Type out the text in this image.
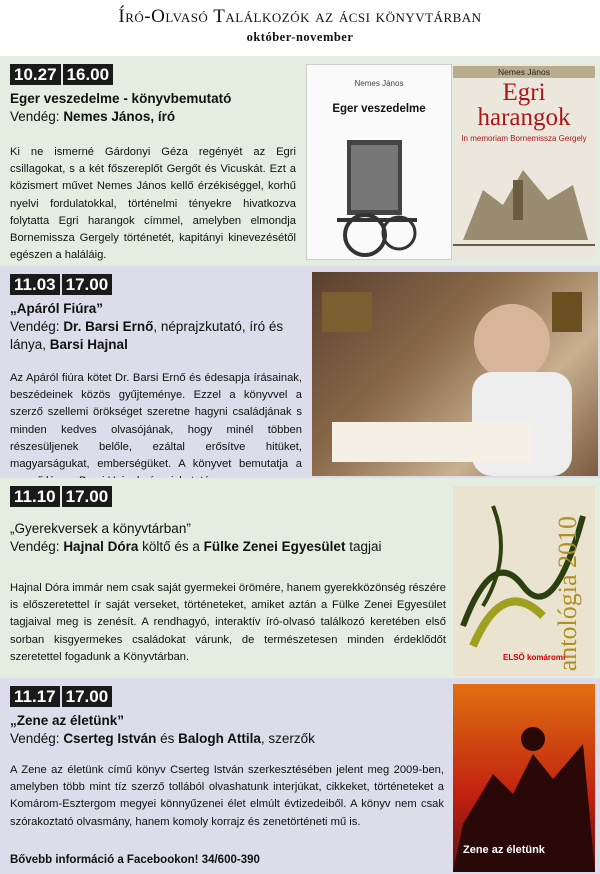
Író-Olvasó Találkozók az ácsi könyvtárban
október-november
10.27 16.00
Eger veszedelme - könyvbemutató
Vendég: Nemes János, író
Ki ne ismerné Gárdonyi Géza regényét az Egri csillagokat, s a két főszereplőt Gergőt és Vicuskát. Ezt a közismert művet Nemes János kellő érzékiséggel, korhű nyelvi fordulatokkal, történelmi tényekre hivatkozva folytatta Egri harangok címmel, amelyben elmondja Bornemissza Gergely történetét, kapitányi kinevezésétől egészen a haláláig.
Nemes János
Eger veszedelme
Nemes János
Egri harangok
In memoriam Bornemissza Gergely
11.03 17.00
„Apáról Fiúra”
Vendég: Dr. Barsi Ernő, néprajzkutató, író és lánya, Barsi Hajnal
Az Apáról fiúra kötet Dr. Barsi Ernő és édesapja írásainak, beszédeinek közös gyűjteménye. Ezzel a könyvvel a szerző szellemi örökséget szeretne hagyni családjának s minden kedves olvasójának, hogy minél többen részesüljenek belőle, ezáltal erősítve hitüket, magyarságukat, emberségüket. A könyvet bemutatja a
11.10 17.00
„Gyerekversek a könyvtárban”
Vendég: Hajnal Dóra költő és a Fülke Zenei Egyesület tagjai
Hajnal Dóra immár nem csak saját gyermekei örömére, hanem gyerekközönség részére is előszeretettel ír saját verseket, történeteket, amiket aztán a Fülke Zenei Egyesület tagjaival meg is zenésít. A rendhagyó, interaktív író-olvasó találkozó keretében első sorban kisgyermekes családokat várunk, de természetesen minden érdeklődőt szeretettel fogadunk a Könyvtárban.	antológia 2010
ELSŐ komáromi
11.17 17.00
„Zene az életünk”
Vendég: Cserteg István és Balogh Attila, szerzők
A Zene az életünk című könyv Cserteg István szerkesztésében jelent meg 2009-ben, amelyben több mint tíz szerző tollából olvashatunk interjúkat, cikkeket, történeteket a Komárom-Esztergom megyei könnyűzenei élet elmúlt évtizedeiből. A könyv nem csak szórakoztató olvasmány, hanem komoly korrajz és zenetörténeti mű is.
Bővebb információ a Facebookon! 34/600-390
Zene az életünk
